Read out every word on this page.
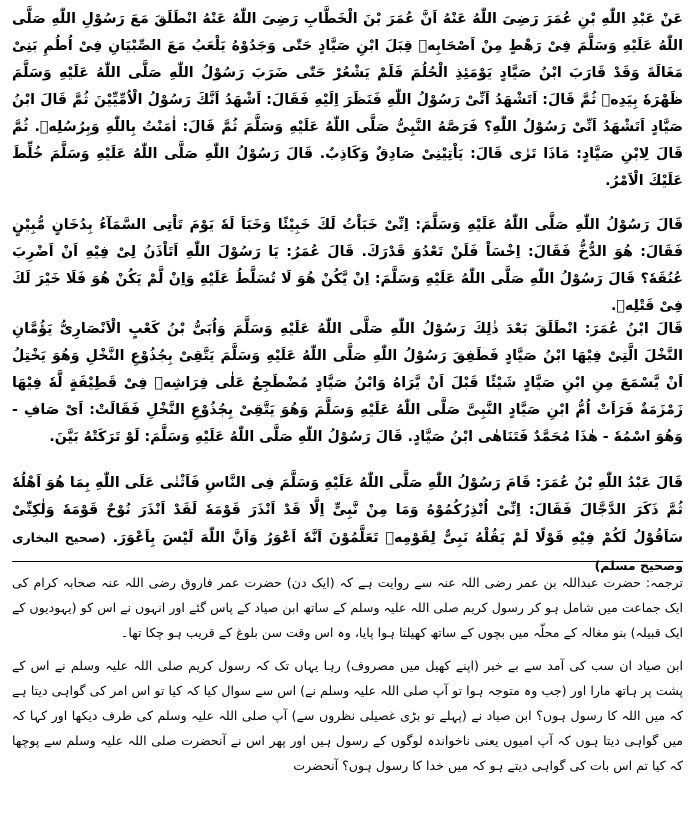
عَنْ عَبْدِ اللّٰهِ بْنِ عُمَرَ رَضِیَ اللّٰهُ عَنْهُ اَنَّ عُمَرَ بْنَ الْخَطَّابِ رَضِیَ اللّٰهُ عَنْهُ انْطَلَقَ مَعَ رَسُوْلِ اللّٰهِ صَلَّی اللّٰهُ عَلَیْهِ وَسَلَّمَ فِیْ رَهْطٍ مِنْ اَصْحَابِهٖ قِبَلَ ابْنِ صَیَّادٍ حَتّٰی وَجَدُوْهُ یَلْعَبُ مَعَ الصِّبْیَانِ فِیْ اُطُمِ بَنِیْ مَغَالَةَ وَقَدْ قَارَبَ ابْنُ صَیَّادٍ یَوْمَئِذِ الْحُلُمَ فَلَمْ یَشْعُرْ حَتّٰی ضَرَبَ رَسُوْلُ اللّٰهِ صَلَّی اللّٰهُ عَلَیْهِ وَسَلَّمَ ظَهْرَهٗ بِیَدِهٖ ثُمَّ قَالَ: اَتَشْهَدُ اَنِّیْ رَسُوْلُ اللّٰهِ فَنَظَرَ اِلَیْهِ فَقَالَ: اَشْهَدُ اَنَّكَ رَسُوْلُ الْاُمِّیِّیْنَ ثُمَّ قَالَ ابْنُ صَیَّادٍ اَتَشْهَدُ اَنِّیْ رَسُوْلُ اللّٰهِ؟ فَرَصَّهُ النَّبِیُّ صَلَّی اللّٰهُ عَلَیْهِ وَسَلَّمَ ثُمَّ قَالَ: اٰمَنْتُ بِاللّٰهِ وَبِرُسُلِهٖ. ثُمَّ قَالَ لِابْنِ صَیَّادٍ: مَاذَا تَرٰی قَالَ: یَاْتِیْنِیْ صَادِقٌ وَكَاذِبٌ. قَالَ رَسُوْلُ اللّٰهِ صَلَّی اللّٰهُ عَلَیْهِ وَسَلَّمَ خُلِّطَ عَلَیْكَ الْاَمْرُ.

قَالَ رَسُوْلُ اللّٰهِ صَلَّی اللّٰهُ عَلَیْهِ وَسَلَّمَ: اِنِّیْ خَبَاْتُ لَكَ خَبِیْئًا وَخَبَاَ لَهٗ یَوْمَ تَاْتِی السَّمَآءُ بِدُخَانٍ مُّبِیْنٍ فَقَالَ: هُوَ الدُّخُّ فَقَالَ: اِخْسَاْ فَلَنْ تَعْدُوَ قَدْرَكَ. قَالَ عُمَرُ: یَا رَسُوْلَ اللّٰهِ اَتَاْذَنُ لِیْ فِیْهِ اَنْ اَضْرِبَ عُنُقَهٗ؟ قَالَ رَسُوْلُ اللّٰهِ صَلَّی اللّٰهُ عَلَیْهِ وَسَلَّمَ: اِنْ یَّكُنْ هُوَ لَا تُسَلَّطُ عَلَیْهِ وَاِنْ لَّمْ یَكُنْ هُوَ فَلَا خَیْرَ لَكَ فِیْ قَتْلِهٖ.

قَالَ ابْنُ عُمَرَ: انْطَلَقَ بَعْدَ ذٰلِكَ رَسُوْلُ اللّٰهِ صَلَّی اللّٰهُ عَلَیْهِ وَسَلَّمَ وَاُبَیُّ بْنُ كَعْبٍ الْاَنْصَارِیُّ یَؤُمَّانِ النَّخْلَ الَّتِیْ فِیْهَا ابْنُ صَیَّادٍ فَطَفِقَ رَسُوْلُ اللّٰهِ صَلَّی اللّٰهُ عَلَیْهِ وَسَلَّمَ یَتَّقِیْ بِجُذُوْعِ النَّخْلِ وَهُوَ یَخْتِلُ اَنْ یَّسْمَعَ مِنِ ابْنِ صَیَّادٍ شَیْئًا قَبْلَ اَنْ یَّرَاهُ وَابْنُ صَیَّادٍ مُضْطَجِعٌ عَلٰی فِرَاشِهٖ فِیْ قَطِیْفَةٍ لَّهٗ فِیْهَا زَمْزَمَةٌ فَرَاَتْ اُمُّ ابْنِ صَیَّادٍ النَّبِیَّ صَلَّی اللّٰهُ عَلَیْهِ وَسَلَّمَ وَهُوَ یَتَّقِیْ بِجُذُوْعِ النَّخْلِ فَقَالَتْ: اَیْ صَافِ - وَهُوَ اسْمُهٗ - هٰذَا مُحَمَّدٌ فَتَنَاهٰی ابْنُ صَیَّادٍ. قَالَ رَسُوْلُ اللّٰهِ صَلَّی اللّٰهُ عَلَیْهِ وَسَلَّمَ: لَوْ تَرَكَتْهُ بَیَّنَ.

قَالَ عَبْدُ اللّٰهِ بْنُ عُمَرَ: قَامَ رَسُوْلُ اللّٰهِ صَلَّی اللّٰهُ عَلَیْهِ وَسَلَّمَ فِی النَّاسِ فَاَثْنٰی عَلَی اللّٰهِ بِمَا هُوَ اَهْلُهٗ ثُمَّ ذَكَرَ الدَّجَّالَ فَقَالَ: اِنِّیْ اُنْذِرُكُمُوْهُ وَمَا مِنْ نَّبِیٍّ اِلَّا قَدْ اَنْذَرَ قَوْمَهٗ لَقَدْ اَنْذَرَ نُوْحٌ قَوْمَهٗ وَلٰكِنِّیْ سَاَقُوْلُ لَكُمْ فِیْهِ قَوْلًا لَمْ یَقُلْهُ نَبِیٌّ لِقَوْمِهٖ تَعَلَّمُوْنَ اَنَّهٗ اَعْوَرُ وَاَنَّ اللّٰهَ لَیْسَ بِاَعْوَرَ. (صحیح البخاری وصحیح مسلم)

ترجمہ: حضرت عبداللہ بن عمر رضی اللہ عنہ سے روایت ہے کہ (ایک دن) حضرت عمر فاروق رضی اللہ عنہ صحابہ کرام کی ایک جماعت میں شامل ہو کر رسول کریم صلی اللہ علیہ وسلم کے ساتھ ابن صیاد کے پاس گئے اور انہوں نے اس کو (یہودیوں کے ایک قبیلہ) بنو مغالہ کے محلّہ میں بچوں کے ساتھ کھیلتا ہوا پایا، وہ اس وقت سن بلوغ کے قریب ہو چکا تھا۔

ابن صیاد ان سب کی آمد سے بے خبر (اپنے کھیل میں مصروف) رہا یہاں تک کہ رسول کریم صلی اللہ علیہ وسلم نے اس کے پشت پر ہاتھ مارا اور (جب وہ متوجہ ہوا تو آپ صلی اللہ علیہ وسلم نے) اس سے سوال کیا کہ کیا تو اس امر کی گواہی دیتا ہے کہ میں اللہ کا رسول ہوں؟ ابن صیاد نے (پہلے تو بڑی غصیلی نظروں سے) آپ صلی اللہ علیہ وسلم کی طرف دیکھا اور کہا کہ میں گواہی دیتا ہوں کہ آپ امیوں یعنی ناخواندہ لوگوں کے رسول ہیں اور پھر اس نے آنحضرت صلی اللہ علیہ وسلم سے پوچھا کہ کیا تم اس بات کی گواہی دیتے ہو کہ میں خدا کا رسول ہوں؟ آنحضرت
